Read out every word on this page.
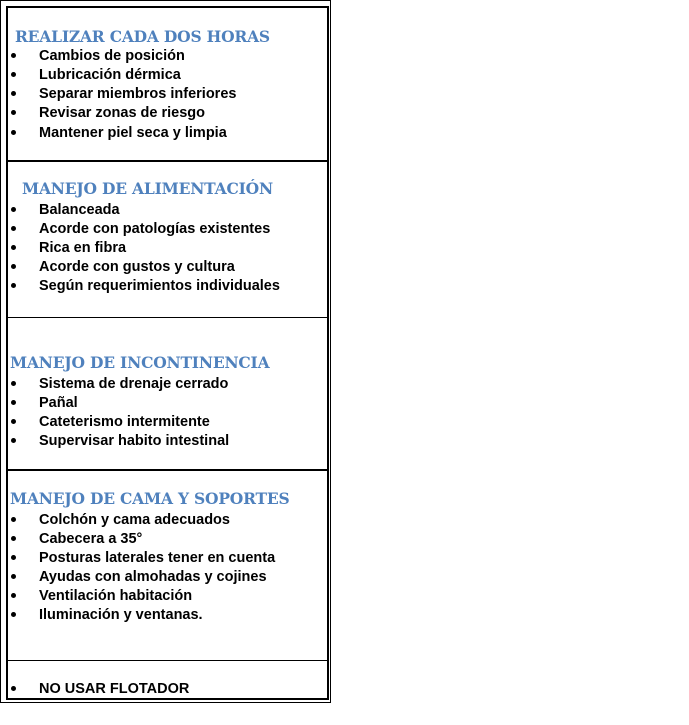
REALIZAR CADA DOS HORAS
Cambios de posición
Lubricación dérmica
Separar miembros inferiores
Revisar zonas de riesgo
Mantener piel seca y limpia
MANEJO DE ALIMENTACIÓN
Balanceada
Acorde con patologías existentes
Rica en fibra
Acorde con gustos y cultura
Según requerimientos individuales
MANEJO DE INCONTINENCIA
Sistema de drenaje cerrado
Pañal
Cateterismo intermitente
Supervisar habito intestinal
MANEJO DE CAMA Y SOPORTES
Colchón y cama adecuados
Cabecera a 35°
Posturas laterales tener en cuenta
Ayudas con almohadas y cojines
Ventilación habitación
Iluminación y ventanas.
NO USAR FLOTADOR
